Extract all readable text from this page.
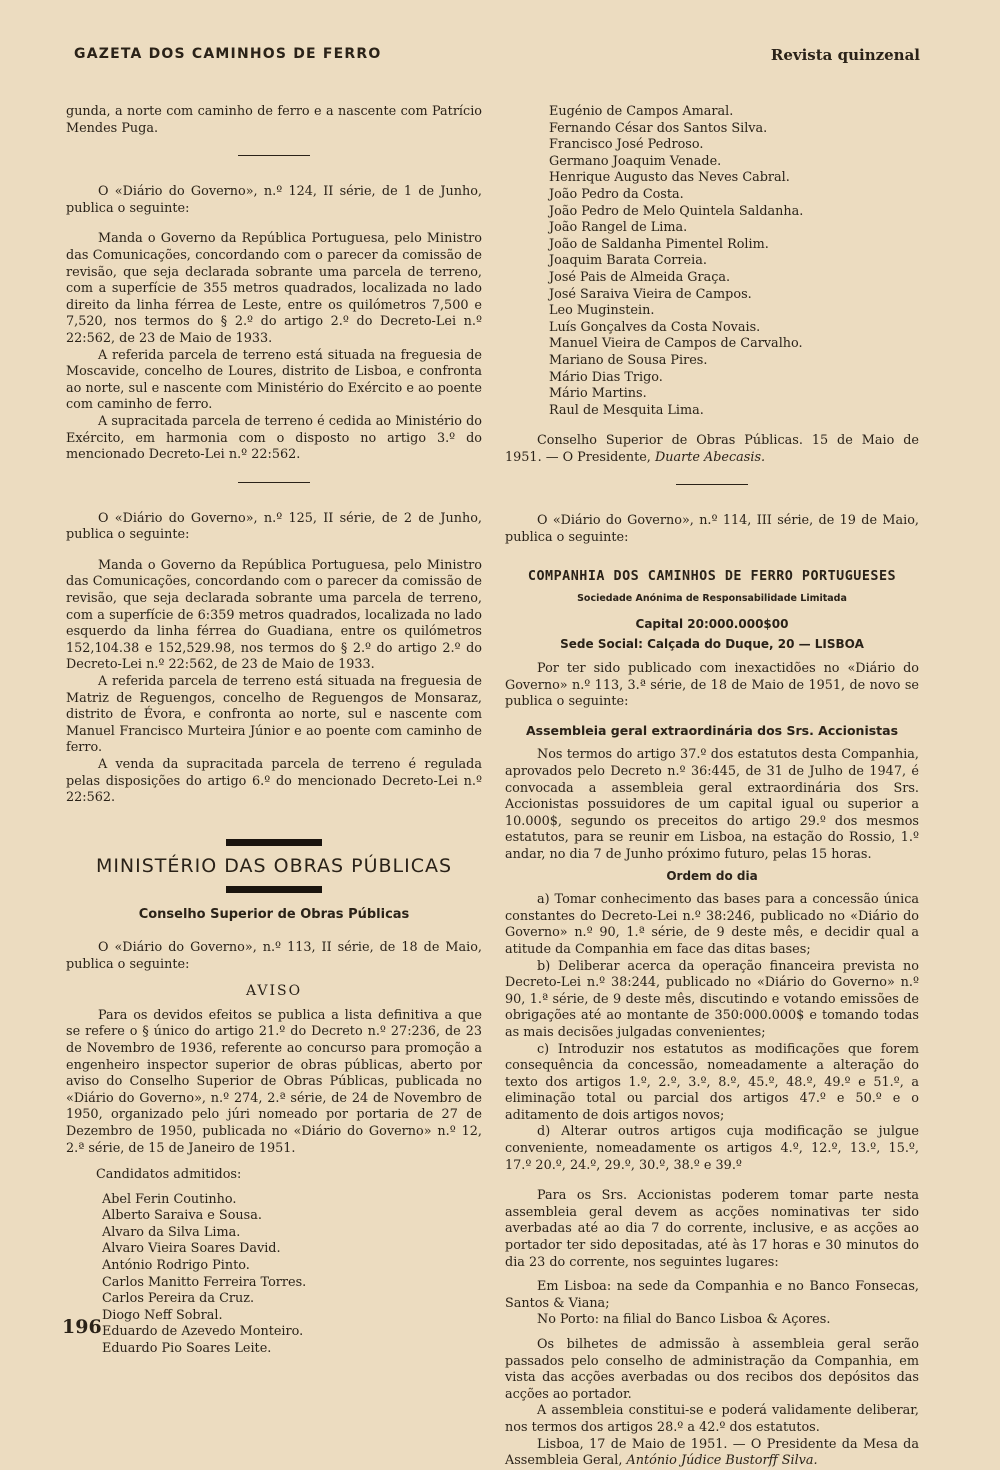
GAZETA DOS CAMINHOS DE FERRO	Revista quinzenal

gunda, a norte com caminho de ferro e a nascente com Patrício Mendes Puga.

O «Diário do Governo», n.º 124, II série, de 1 de Junho, publica o seguinte:

Manda o Governo da República Portuguesa, pelo Ministro das Comunicações, concordando com o parecer da comissão de revisão, que seja declarada sobrante uma parcela de terreno, com a superfície de 355 metros quadrados, localizada no lado direito da linha férrea de Leste, entre os quilómetros 7,500 e 7,520, nos termos do § 2.º do artigo 2.º do Decreto-Lei n.º 22:562, de 23 de Maio de 1933.

A referida parcela de terreno está situada na freguesia de Moscavide, concelho de Loures, distrito de Lisboa, e confronta ao norte, sul e nascente com Ministério do Exército e ao poente com caminho de ferro.

A supracitada parcela de terreno é cedida ao Ministério do Exército, em harmonia com o disposto no artigo 3.º do mencionado Decreto-Lei n.º 22:562.

O «Diário do Governo», n.º 125, II série, de 2 de Junho, publica o seguinte:

Manda o Governo da República Portuguesa, pelo Ministro das Comunicações, concordando com o parecer da comissão de revisão, que seja declarada sobrante uma parcela de terreno, com a superfície de 6:359 metros quadrados, localizada no lado esquerdo da linha férrea do Guadiana, entre os quilómetros 152,104.38 e 152,529.98, nos termos do § 2.º do artigo 2.º do Decreto-Lei n.º 22:562, de 23 de Maio de 1933.

A referida parcela de terreno está situada na freguesia de Matriz de Reguengos, concelho de Reguengos de Monsaraz, distrito de Évora, e confronta ao norte, sul e nascente com Manuel Francisco Murteira Júnior e ao poente com caminho de ferro.

A venda da supracitada parcela de terreno é regulada pelas disposições do artigo 6.º do mencionado Decreto-Lei n.º 22:562.

MINISTÉRIO DAS OBRAS PÚBLICAS
Conselho Superior de Obras Públicas

O «Diário do Governo», n.º 113, II série, de 18 de Maio, publica o seguinte:

AVISO

Para os devidos efeitos se publica a lista definitiva a que se refere o § único do artigo 21.º do Decreto n.º 27:236, de 23 de Novembro de 1936, referente ao concurso para promoção a engenheiro inspector superior de obras públicas, aberto por aviso do Conselho Superior de Obras Públicas, publicada no «Diário do Governo», n.º 274, 2.ª série, de 24 de Novembro de 1950, organizado pelo júri nomeado por portaria de 27 de Dezembro de 1950, publicada no «Diário do Governo» n.º 12, 2.ª série, de 15 de Janeiro de 1951.

Candidatos admitidos:
Abel Ferin Coutinho.
Alberto Saraiva e Sousa.
Alvaro da Silva Lima.
Alvaro Vieira Soares David.
António Rodrigo Pinto.
Carlos Manitto Ferreira Torres.
Carlos Pereira da Cruz.
Diogo Neff Sobral.
Eduardo de Azevedo Monteiro.
Eduardo Pio Soares Leite.
Eugénio de Campos Amaral.
Fernando César dos Santos Silva.
Francisco José Pedroso.
Germano Joaquim Venade.
Henrique Augusto das Neves Cabral.
João Pedro da Costa.
João Pedro de Melo Quintela Saldanha.
João Rangel de Lima.
João de Saldanha Pimentel Rolim.
Joaquim Barata Correia.
José Pais de Almeida Graça.
José Saraiva Vieira de Campos.
Leo Muginstein.
Luís Gonçalves da Costa Novais.
Manuel Vieira de Campos de Carvalho.
Mariano de Sousa Pires.
Mário Dias Trigo.
Mário Martins.
Raul de Mesquita Lima.

Conselho Superior de Obras Públicas. 15 de Maio de 1951. — O Presidente, Duarte Abecasis.

O «Diário do Governo», n.º 114, III série, de 19 de Maio, publica o seguinte:

COMPANHIA DOS CAMINHOS DE FERRO PORTUGUESES
Sociedade Anónima de Responsabilidade Limitada
Capital 20:000.000$00
Sede Social: Calçada do Duque, 20 — LISBOA

Por ter sido publicado com inexactidões no «Diário do Governo» n.º 113, 3.ª série, de 18 de Maio de 1951, de novo se publica o seguinte:

Assembleia geral extraordinária dos Srs. Accionistas

Nos termos do artigo 37.º dos estatutos desta Companhia, aprovados pelo Decreto n.º 36:445, de 31 de Julho de 1947, é convocada a assembleia geral extraordinária dos Srs. Accionistas possuidores de um capital igual ou superior a 10.000$, segundo os preceitos do artigo 29.º dos mesmos estatutos, para se reunir em Lisboa, na estação do Rossio, 1.º andar, no dia 7 de Junho próximo futuro, pelas 15 horas.

Ordem do dia

a) Tomar conhecimento das bases para a concessão única constantes do Decreto-Lei n.º 38:246, publicado no «Diário do Governo» n.º 90, 1.ª série, de 9 deste mês, e decidir qual a atitude da Companhia em face das ditas bases;

b) Deliberar acerca da operação financeira prevista no Decreto-Lei n.º 38:244, publicado no «Diário do Governo» n.º 90, 1.ª série, de 9 deste mês, discutindo e votando emissões de obrigações até ao montante de 350:000.000$ e tomando todas as mais decisões julgadas convenientes;

c) Introduzir nos estatutos as modificações que forem consequência da concessão, nomeadamente a alteração do texto dos artigos 1.º, 2.º, 3.º, 8.º, 45.º, 48.º, 49.º e 51.º, a eliminação total ou parcial dos artigos 47.º e 50.º e o aditamento de dois artigos novos;

d) Alterar outros artigos cuja modificação se julgue conveniente, nomeadamente os artigos 4.º, 12.º, 13.º, 15.º, 17.º 20.º, 24.º, 29.º, 30.º, 38.º e 39.º

Para os Srs. Accionistas poderem tomar parte nesta assembleia geral devem as acções nominativas ter sido averbadas até ao dia 7 do corrente, inclusive, e as acções ao portador ter sido depositadas, até às 17 horas e 30 minutos do dia 23 do corrente, nos seguintes lugares:

Em Lisboa: na sede da Companhia e no Banco Fonsecas, Santos & Viana;

No Porto: na filial do Banco Lisboa & Açores.

Os bilhetes de admissão à assembleia geral serão passados pelo conselho de administração da Companhia, em vista das acções averbadas ou dos recibos dos depósitos das acções ao portador.

A assembleia constitui-se e poderá validamente deliberar, nos termos dos artigos 28.º a 42.º dos estatutos.

Lisboa, 17 de Maio de 1951. — O Presidente da Mesa da Assembleia Geral, António Júdice Bustorff Silva.

196
